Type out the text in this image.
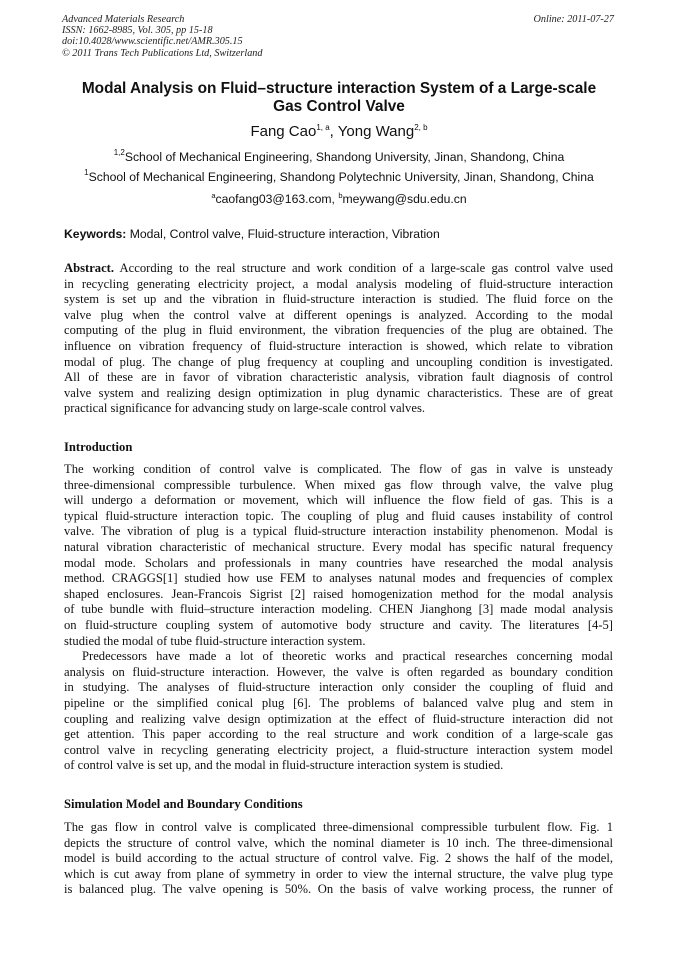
Advanced Materials Research
ISSN: 1662-8985, Vol. 305, pp 15-18
doi:10.4028/www.scientific.net/AMR.305.15
© 2011 Trans Tech Publications Ltd, Switzerland
Online: 2011-07-27
Modal Analysis on Fluid–structure interaction System of a Large-scale
Gas Control Valve
Fang Cao$^{1, a}$, Yong Wang$^{2, b}$
$^{1,2}$School of Mechanical Engineering, Shandong University, Jinan, Shandong, China
$^1$School of Mechanical Engineering, Shandong Polytechnic University, Jinan, Shandong, China
$^a$caofang03@163.com, $^b$meywang@sdu.edu.cn
Keywords: Modal, Control valve, Fluid-structure interaction, Vibration
Abstract. According to the real structure and work condition of a large-scale gas control valve used
in recycling generating electricity project, a modal analysis modeling of fluid-structure interaction
system is set up and the vibration in fluid-structure interaction is studied. The fluid force on the
valve plug when the control valve at different openings is analyzed. According to the modal
computing of the plug in fluid environment, the vibration frequencies of the plug are obtained. The
influence on vibration frequency of fluid-structure interaction is showed, which relate to vibration
modal of plug. The change of plug frequency at coupling and uncoupling condition is investigated.
All of these are in favor of vibration characteristic analysis, vibration fault diagnosis of control
valve system and realizing design optimization in plug dynamic characteristics. These are of great
practical significance for advancing study on large-scale control valves.
Introduction
The working condition of control valve is complicated. The flow of gas in valve is unsteady
three-dimensional compressible turbulence. When mixed gas flow through valve, the valve plug
will undergo a deformation or movement, which will influence the flow field of gas. This is a
typical fluid-structure interaction topic. The coupling of plug and fluid causes instability of control
valve. The vibration of plug is a typical fluid-structure interaction instability phenomenon. Modal is
natural vibration characteristic of mechanical structure. Every modal has specific natural frequency
modal mode. Scholars and professionals in many countries have researched the modal analysis
method. CRAGGS[1] studied how use FEM to analyses natunal modes and frequencies of complex
shaped enclosures. Jean-Francois Sigrist [2] raised homogenization method for the modal analysis
of tube bundle with fluid–structure interaction modeling. CHEN Jianghong [3] made modal analysis
on fluid-structure coupling system of automotive body structure and cavity. The literatures [4-5]
studied the modal of tube fluid-structure interaction system.
Predecessors have made a lot of theoretic works and practical researches concerning modal
analysis on fluid-structure interaction. However, the valve is often regarded as boundary condition
in studying. The analyses of fluid-structure interaction only consider the coupling of fluid and
pipeline or the simplified conical plug [6]. The problems of balanced valve plug and stem in
coupling and realizing valve design optimization at the effect of fluid-structure interaction did not
get attention. This paper according to the real structure and work condition of a large-scale gas
control valve in recycling generating electricity project, a fluid-structure interaction system model
of control valve is set up, and the modal in fluid-structure interaction system is studied.
Simulation Model and Boundary Conditions
The gas flow in control valve is complicated three-dimensional compressible turbulent flow. Fig. 1
depicts the structure of control valve, which the nominal diameter is 10 inch. The three-dimensional
model is build according to the actual structure of control valve. Fig. 2 shows the half of the model,
which is cut away from plane of symmetry in order to view the internal structure, the valve plug type
is balanced plug. The valve opening is 50%. On the basis of valve working process, the runner of
